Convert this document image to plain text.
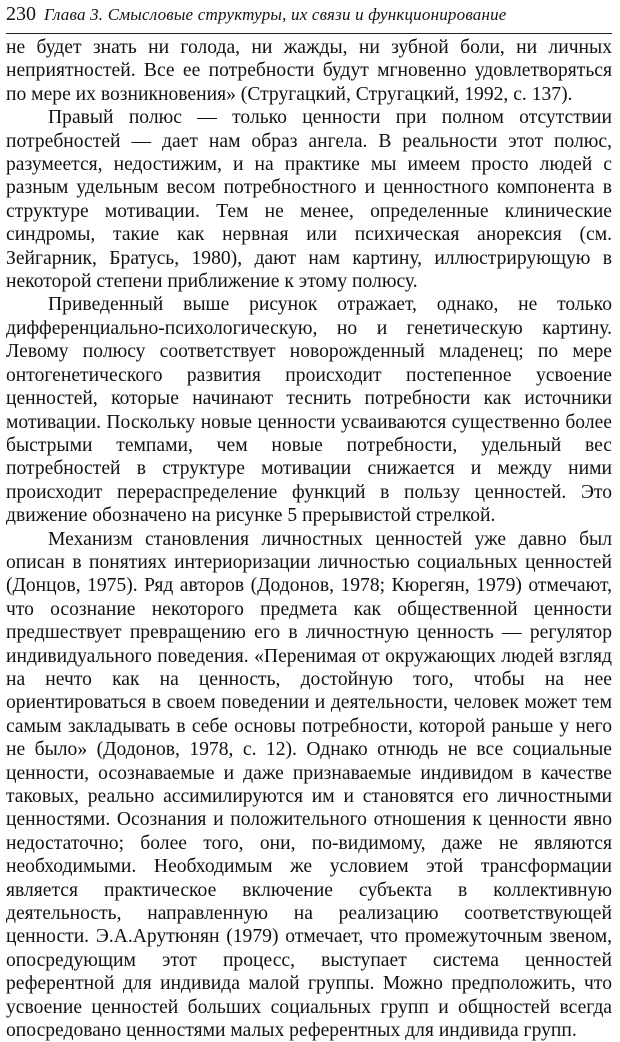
230 Глава 3. Смысловые структуры, их связи и функционирование

не будет знать ни голода, ни жажды, ни зубной боли, ни личных неприятностей. Все ее потребности будут мгновенно удовлетворяться по мере их возникновения» (Стругацкий, Стругацкий, 1992, с. 137).

Правый полюс — только ценности при полном отсутствии потребностей — дает нам образ ангела. В реальности этот полюс, разумеется, недостижим, и на практике мы имеем просто людей с разным удельным весом потребностного и ценностного компонента в структуре мотивации. Тем не менее, определенные клинические синдромы, такие как нервная или психическая анорексия (см. Зейгарник, Братусь, 1980), дают нам картину, иллюстрирующую в некоторой степени приближение к этому полюсу.

Приведенный выше рисунок отражает, однако, не только дифференциально-психологическую, но и генетическую картину. Левому полюсу соответствует новорожденный младенец; по мере онтогенетического развития происходит постепенное усвоение ценностей, которые начинают теснить потребности как источники мотивации. Поскольку новые ценности усваиваются существенно более быстрыми темпами, чем новые потребности, удельный вес потребностей в структуре мотивации снижается и между ними происходит перераспределение функций в пользу ценностей. Это движение обозначено на рисунке 5 прерывистой стрелкой.

Механизм становления личностных ценностей уже давно был описан в понятиях интериоризации личностью социальных ценностей (Донцов, 1975). Ряд авторов (Додонов, 1978; Кюрегян, 1979) отмечают, что осознание некоторого предмета как общественной ценности предшествует превращению его в личностную ценность — регулятор индивидуального поведения. «Перенимая от окружающих людей взгляд на нечто как на ценность, достойную того, чтобы на нее ориентироваться в своем поведении и деятельности, человек может тем самым закладывать в себе основы потребности, которой раньше у него не было» (Додонов, 1978, с. 12). Однако отнюдь не все социальные ценности, осознаваемые и даже признаваемые индивидом в качестве таковых, реально ассимилируются им и становятся его личностными ценностями. Осознания и положительного отношения к ценности явно недостаточно; более того, они, по-видимому, даже не являются необходимыми. Необходимым же условием этой трансформации является практическое включение субъекта в коллективную деятельность, направленную на реализацию соответствующей ценности. Э.А.Арутюнян (1979) отмечает, что промежуточным звеном, опосредующим этот процесс, выступает система ценностей референтной для индивида малой группы. Можно предположить, что усвоение ценностей больших социальных групп и общностей всегда опосредовано ценностями малых референтных для индивида групп.
